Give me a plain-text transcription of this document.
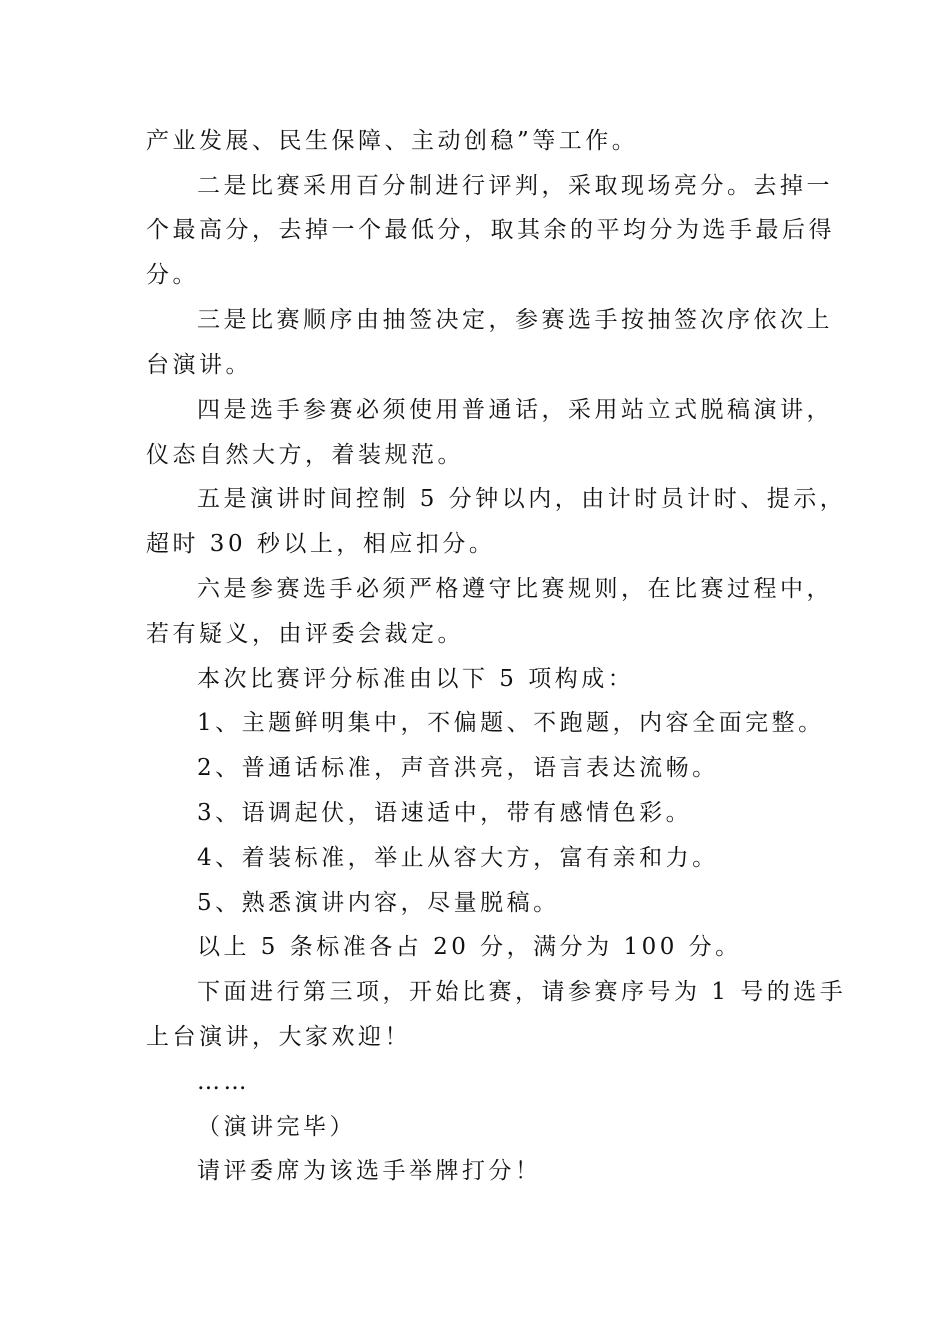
产业发展、民生保障、主动创稳”等工作。
二是比赛采用百分制进行评判，采取现场亮分。去掉一
个最高分，去掉一个最低分，取其余的平均分为选手最后得
分。
三是比赛顺序由抽签决定，参赛选手按抽签次序依次上
台演讲。
四是选手参赛必须使用普通话，采用站立式脱稿演讲，
仪态自然大方，着装规范。
五是演讲时间控制 5 分钟以内，由计时员计时、提示，
超时 30 秒以上，相应扣分。
六是参赛选手必须严格遵守比赛规则，在比赛过程中，
若有疑义，由评委会裁定。
本次比赛评分标准由以下 5 项构成：
1、主题鲜明集中，不偏题、不跑题，内容全面完整。
2、普通话标准，声音洪亮，语言表达流畅。
3、语调起伏，语速适中，带有感情色彩。
4、着装标准，举止从容大方，富有亲和力。
5、熟悉演讲内容，尽量脱稿。
以上 5 条标准各占 20 分，满分为 100 分。
下面进行第三项，开始比赛，请参赛序号为 1 号的选手
上台演讲，大家欢迎！
……
（演讲完毕）
请评委席为该选手举牌打分！
